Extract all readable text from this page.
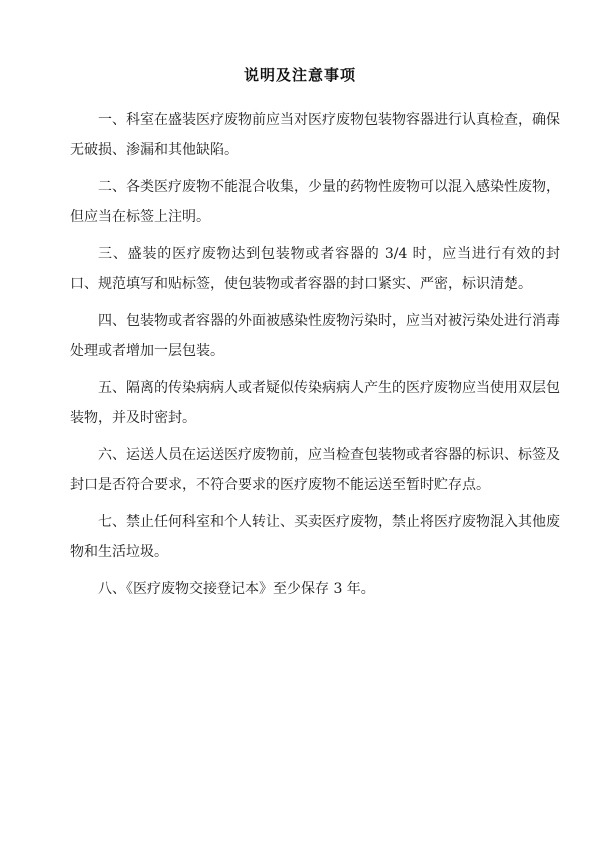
说明及注意事项

一、科室在盛装医疗废物前应当对医疗废物包装物容器进行认真检查，确保无破损、渗漏和其他缺陷。

二、各类医疗废物不能混合收集，少量的药物性废物可以混入感染性废物，但应当在标签上注明。

三、盛装的医疗废物达到包装物或者容器的 3/4 时，应当进行有效的封口、规范填写和贴标签，使包装物或者容器的封口紧实、严密，标识清楚。

四、包装物或者容器的外面被感染性废物污染时，应当对被污染处进行消毒处理或者增加一层包装。

五、隔离的传染病病人或者疑似传染病病人产生的医疗废物应当使用双层包装物，并及时密封。

六、运送人员在运送医疗废物前，应当检查包装物或者容器的标识、标签及封口是否符合要求，不符合要求的医疗废物不能运送至暂时贮存点。

七、禁止任何科室和个人转让、买卖医疗废物，禁止将医疗废物混入其他废物和生活垃圾。

八、《医疗废物交接登记本》至少保存 3 年。
